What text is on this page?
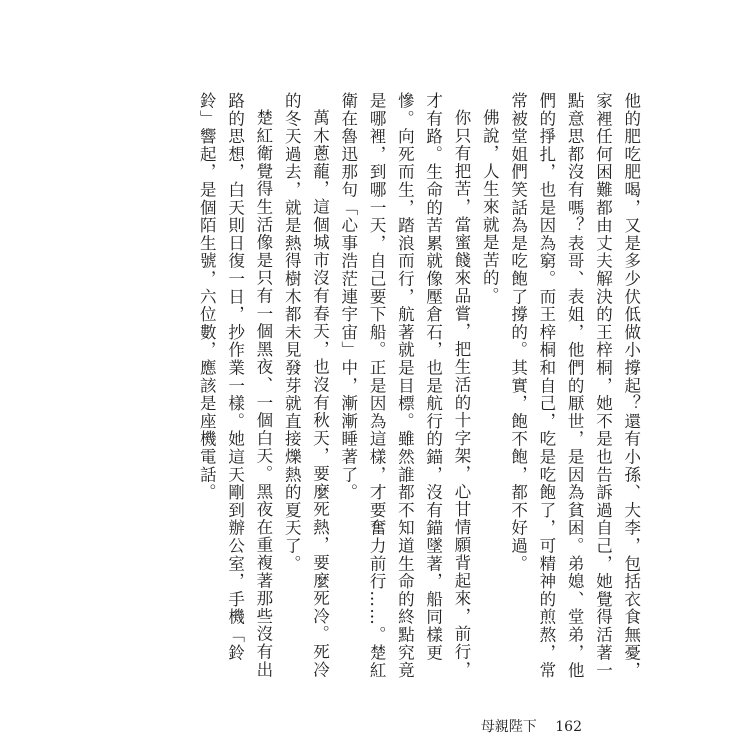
他的肥吃肥喝，又是多少伏低做小撐起？還有小孫、大李，包括衣食無憂，家裡任何困難都由丈夫解決的王梓桐，她不是也告訴過自己，她覺得活著一點意思都沒有嗎？表哥、表姐，他們的厭世，是因為貧困。弟媳、堂弟，他們的掙扎，也是因為窮。而王梓桐和自己，吃是吃飽了，可精神的煎熬，常常被堂姐們笑話為是吃飽了撐的。其實，飽不飽，都不好過。

佛說，人生來就是苦的。

你只有把苦，當蜜餞來品嘗，把生活的十字架，心甘情願背起來，前行，才有路。生命的苦累就像壓倉石，也是航行的錨，沒有錨墜著，船同樣更慘。向死而生，踏浪而行，航著就是目標。雖然誰都不知道生命的終點究竟是哪裡，到哪一天，自己要下船。正是因為這樣，才要奮力前行……。楚紅衛在魯迅那句「心事浩茫連宇宙」中，漸漸睡著了。

萬木蔥蘢，這個城市沒有春天，也沒有秋天，要麼死熱，要麼死冷。死冷的冬天過去，就是熱得樹木都未見發芽就直接爍熱的夏天了。

楚紅衛覺得生活像是只有一個黑夜、一個白天。黑夜在重複著那些沒有出路的思想，白天則日復一日，抄作業一樣。她這天剛到辦公室，手機「鈴鈴」響起，是個陌生號，六位數，應該是座機電話。

母親陛下 162
